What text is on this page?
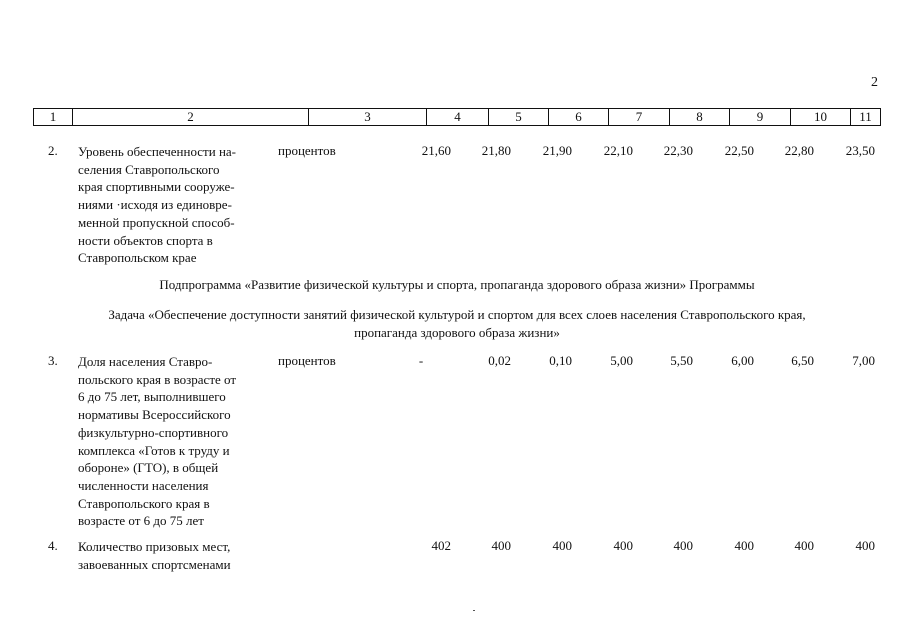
2
1	2	3	4	5	6	7	8	9	10	11
2.	Уровень обеспеченности на-
селения Ставропольского
края спортивными сооруже-
ниями ·исходя из единовре-
менной пропускной способ-
ности объектов спорта в
Ставропольском крае
процентов	21,60	21,80	21,90	22,10	22,30	22,50	22,80	23,50
Подпрограмма «Развитие физической культуры и спорта, пропаганда здорового образа жизни» Программы
Задача «Обеспечение доступности занятий физической культурой и спортом для всех слоев населения Ставропольского края,
пропаганда здорового образа жизни»
3.	Доля населения Ставро-
польского края в возрасте от
6 до 75 лет, выполнившего
нормативы Всероссийского
физкультурно-спортивного
комплекса «Готов к труду и
обороне» (ГТО), в общей
численности населения
Ставропольского края в
возрасте от 6 до 75 лет
процентов	-	0,02	0,10	5,00	5,50	6,00	6,50	7,00
4.	Количество призовых мест,
завоеванных спортсменами
402	400	400	400	400	400	400	400
